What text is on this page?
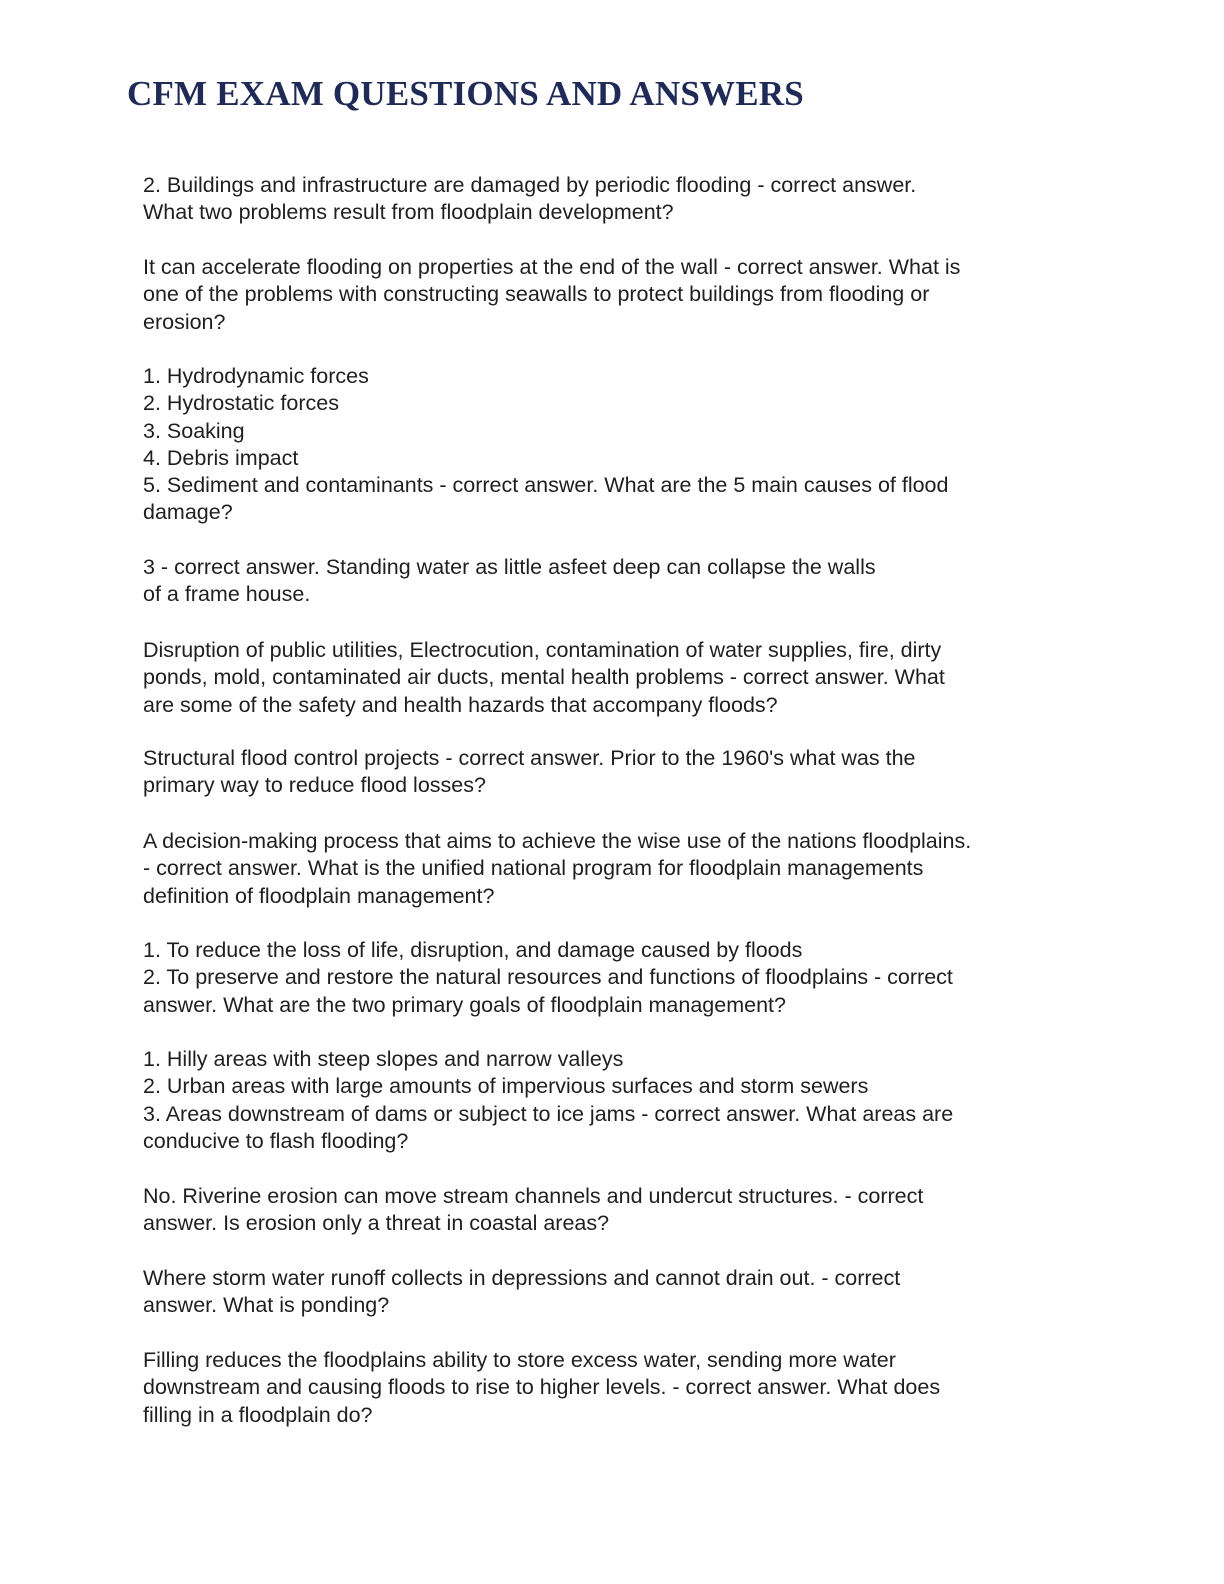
CFM EXAM QUESTIONS AND ANSWERS

2. Buildings and infrastructure are damaged by periodic flooding - correct answer.
What two problems result from floodplain development?

It can accelerate flooding on properties at the end of the wall - correct answer. What is
one of the problems with constructing seawalls to protect buildings from flooding or
erosion?

1. Hydrodynamic forces
2. Hydrostatic forces
3. Soaking
4. Debris impact
5. Sediment and contaminants - correct answer. What are the 5 main causes of flood
damage?

3 - correct answer. Standing water as little asfeet deep can collapse the walls
of a frame house.

Disruption of public utilities, Electrocution, contamination of water supplies, fire, dirty
ponds, mold, contaminated air ducts, mental health problems - correct answer. What
are some of the safety and health hazards that accompany floods?

Structural flood control projects - correct answer. Prior to the 1960's what was the
primary way to reduce flood losses?

A decision-making process that aims to achieve the wise use of the nations floodplains.
- correct answer. What is the unified national program for floodplain managements
definition of floodplain management?

1. To reduce the loss of life, disruption, and damage caused by floods
2. To preserve and restore the natural resources and functions of floodplains - correct
answer. What are the two primary goals of floodplain management?

1. Hilly areas with steep slopes and narrow valleys
2. Urban areas with large amounts of impervious surfaces and storm sewers
3. Areas downstream of dams or subject to ice jams - correct answer. What areas are
conducive to flash flooding?

No. Riverine erosion can move stream channels and undercut structures. - correct
answer. Is erosion only a threat in coastal areas?

Where storm water runoff collects in depressions and cannot drain out. - correct
answer. What is ponding?

Filling reduces the floodplains ability to store excess water, sending more water
downstream and causing floods to rise to higher levels. - correct answer. What does
filling in a floodplain do?
